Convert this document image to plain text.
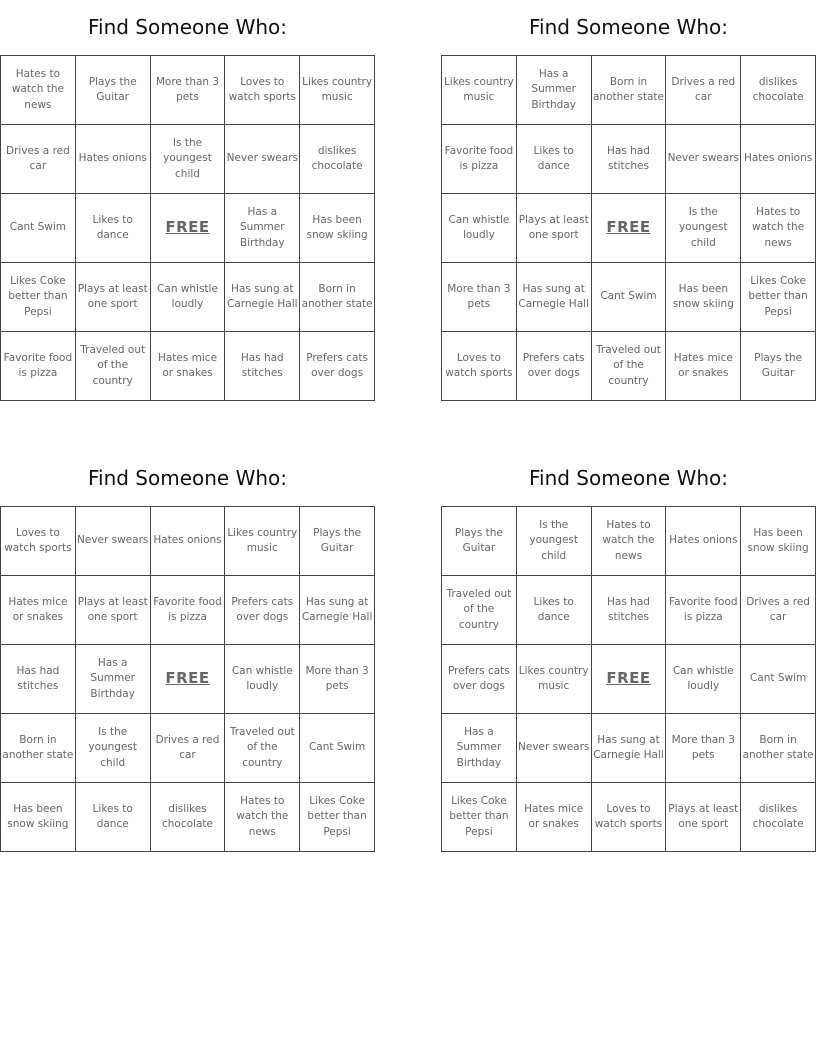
Find Someone Who:
Hates to watch the news	Plays the Guitar	More than 3 pets	Loves to watch sports	Likes country music
Drives a red car	Hates onions	Is the youngest child	Never swears	dislikes chocolate
Cant Swim	Likes to dance	FREE	Has a Summer Birthday	Has been snow skiing
Likes Coke better than Pepsi	Plays at least one sport	Can whistle loudly	Has sung at Carnegie Hall	Born in another state
Favorite food is pizza	Traveled out of the country	Hates mice or snakes	Has had stitches	Prefers cats over dogs
Find Someone Who:
Likes country music	Has a Summer Birthday	Born in another state	Drives a red car	dislikes chocolate
Favorite food is pizza	Likes to dance	Has had stitches	Never swears	Hates onions
Can whistle loudly	Plays at least one sport	FREE	Is the youngest child	Hates to watch the news
More than 3 pets	Has sung at Carnegie Hall	Cant Swim	Has been snow skiing	Likes Coke better than Pepsi
Loves to watch sports	Prefers cats over dogs	Traveled out of the country	Hates mice or snakes	Plays the Guitar
Find Someone Who:
Loves to watch sports	Never swears	Hates onions	Likes country music	Plays the Guitar
Hates mice or snakes	Plays at least one sport	Favorite food is pizza	Prefers cats over dogs	Has sung at Carnegie Hall
Has had stitches	Has a Summer Birthday	FREE	Can whistle loudly	More than 3 pets
Born in another state	Is the youngest child	Drives a red car	Traveled out of the country	Cant Swim
Has been snow skiing	Likes to dance	dislikes chocolate	Hates to watch the news	Likes Coke better than Pepsi
Find Someone Who:
Plays the Guitar	Is the youngest child	Hates to watch the news	Hates onions	Has been snow skiing
Traveled out of the country	Likes to dance	Has had stitches	Favorite food is pizza	Drives a red car
Prefers cats over dogs	Likes country music	FREE	Can whistle loudly	Cant Swim
Has a Summer Birthday	Never swears	Has sung at Carnegie Hall	More than 3 pets	Born in another state
Likes Coke better than Pepsi	Hates mice or snakes	Loves to watch sports	Plays at least one sport	dislikes chocolate
